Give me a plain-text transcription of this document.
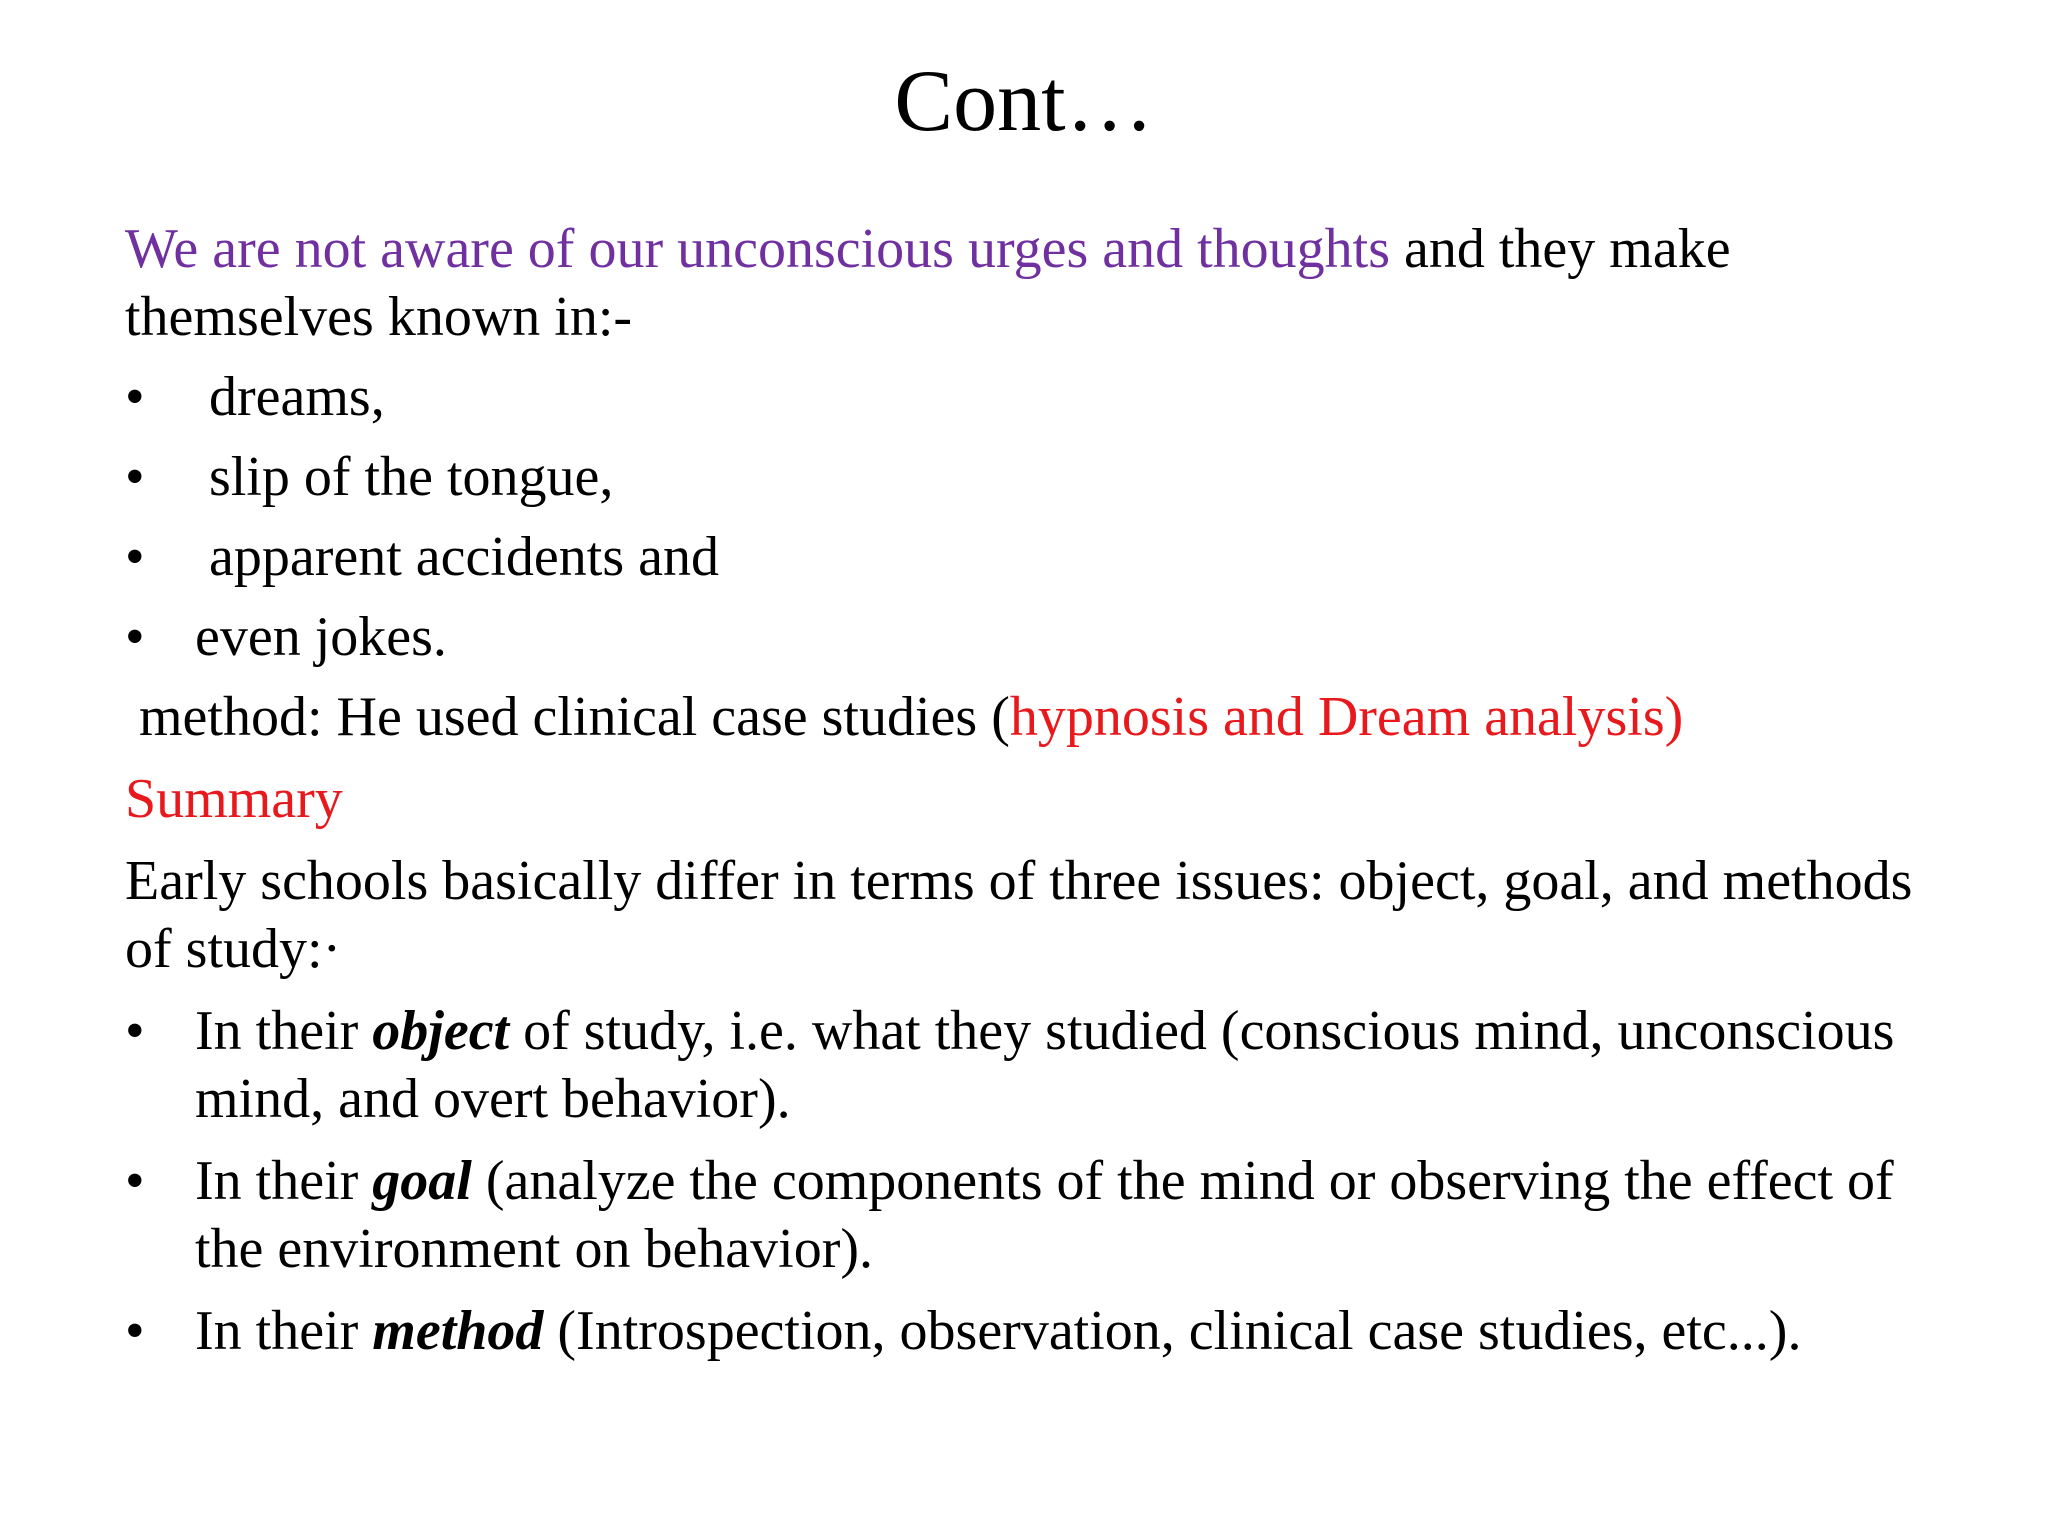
Cont…

We are not aware of our unconscious urges and thoughts and they make themselves known in:-

•	dreams,
•	slip of the tongue,
•	apparent accidents and
• even jokes.

method: He used clinical case studies (hypnosis and Dream analysis)

Summary

Early schools basically differ in terms of three issues: object, goal, and methods of study:·

• In their object of study, i.e. what they studied (conscious mind, unconscious mind, and overt behavior).
• In their goal (analyze the components of the mind or observing the effect of the environment on behavior).
• In their method (Introspection, observation, clinical case studies, etc...).
